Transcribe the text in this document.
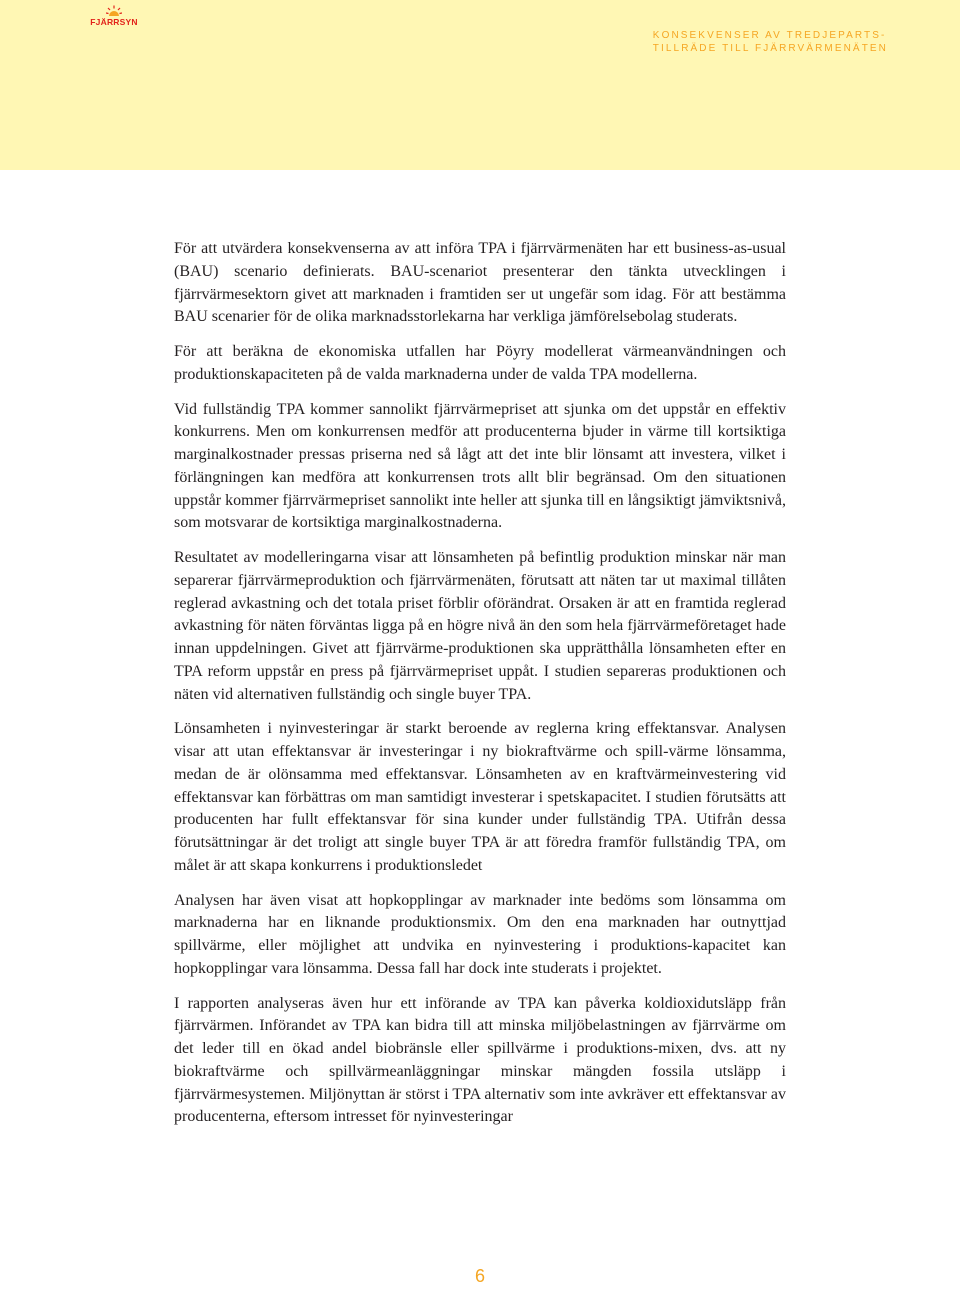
FJÄRRSYN
KONSEKVENSER AV TREDJEPARTS-
TILLRÄDE TILL FJÄRRVÄRMENÄTEN

För att utvärdera konsekvenserna av att införa TPA i fjärrvärmenäten har ett business-as-usual (BAU) scenario definierats. BAU-scenariot presenterar den tänkta utvecklingen i fjärrvärmesektorn givet att marknaden i framtiden ser ut ungefär som idag. För att bestämma BAU scenarier för de olika marknadsstorlekarna har verkliga jämförelsebolag studerats.

För att beräkna de ekonomiska utfallen har Pöyry modellerat värmeanvändningen och produktionskapaciteten på de valda marknaderna under de valda TPA modellerna.

Vid fullständig TPA kommer sannolikt fjärrvärmepriset att sjunka om det uppstår en effektiv konkurrens. Men om konkurrensen medför att producenterna bjuder in värme till kortsiktiga marginalkostnader pressas priserna ned så lågt att det inte blir lönsamt att investera, vilket i förlängningen kan medföra att konkurrensen trots allt blir begränsad. Om den situationen uppstår kommer fjärrvärmepriset sannolikt inte heller att sjunka till en långsiktigt jämviktsnivå, som motsvarar de kortsiktiga marginalkostnaderna.

Resultatet av modelleringarna visar att lönsamheten på befintlig produktion minskar när man separerar fjärrvärmeproduktion och fjärrvärmenäten, förutsatt att näten tar ut maximal tillåten reglerad avkastning och det totala priset förblir oförändrat. Orsaken är att en framtida reglerad avkastning för näten förväntas ligga på en högre nivå än den som hela fjärrvärmeföretaget hade innan uppdelningen. Givet att fjärrvärme-produktionen ska upprätthålla lönsamheten efter en TPA reform uppstår en press på fjärrvärmepriset uppåt. I studien separeras produktionen och näten vid alternativen fullständig och single buyer TPA.

Lönsamheten i nyinvesteringar är starkt beroende av reglerna kring effektansvar. Analysen visar att utan effektansvar är investeringar i ny biokraftvärme och spill-värme lönsamma, medan de är olönsamma med effektansvar. Lönsamheten av en kraftvärmeinvestering vid effektansvar kan förbättras om man samtidigt investerar i spetskapacitet. I studien förutsätts att producenten har fullt effektansvar för sina kunder under fullständig TPA. Utifrån dessa förutsättningar är det troligt att single buyer TPA är att föredra framför fullständig TPA, om målet är att skapa konkurrens i produktionsledet

Analysen har även visat att hopkopplingar av marknader inte bedöms som lönsamma om marknaderna har en liknande produktionsmix. Om den ena marknaden har outnyttjad spillvärme, eller möjlighet att undvika en nyinvestering i produktions-kapacitet kan hopkopplingar vara lönsamma. Dessa fall har dock inte studerats i projektet.

I rapporten analyseras även hur ett införande av TPA kan påverka koldioxidutsläpp från fjärrvärmen. Införandet av TPA kan bidra till att minska miljöbelastningen av fjärrvärme om det leder till en ökad andel biobränsle eller spillvärme i produktions-mixen, dvs. att ny biokraftvärme och spillvärmeanläggningar minskar mängden fossila utsläpp i fjärrvärmesystemen. Miljönyttan är störst i TPA alternativ som inte avkräver ett effektansvar av producenterna, eftersom intresset för nyinvesteringar

6
